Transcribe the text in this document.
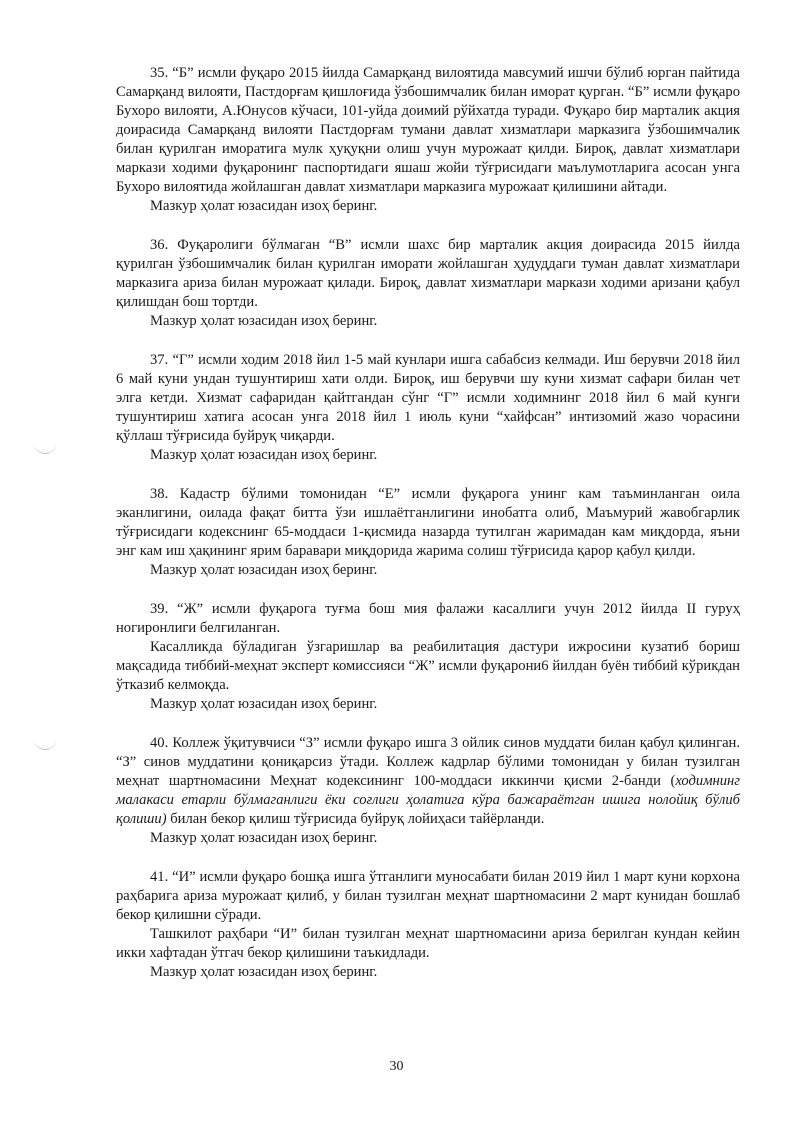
35. “Б” исмли фуқаро 2015 йилда Самарқанд вилоятида мавсумий ишчи бўлиб юрган пайтида Самарқанд вилояти, Пастдорғам қишлоғида ўзбошимчалик билан иморат қурган. “Б” исмли фуқаро Бухоро вилояти, А.Юнусов кўчаси, 101-уйда доимий рўйхатда туради. Фуқаро бир марталик акция доирасида Самарқанд вилояти Пастдорғам тумани давлат хизматлари марказига ўзбошимчалик билан қурилган иморатига мулк ҳуқуқни олиш учун мурожаат қилди. Бироқ, давлат хизматлари маркази ходими фуқаронинг паспортидаги яшаш жойи тўғрисидаги маълумотларига асосан унга Бухоро вилоятида жойлашган давлат хизматлари марказига мурожаат қилишини айтади.

Мазкур ҳолат юзасидан изоҳ беринг.

36. Фуқаролиги бўлмаган “В” исмли шахс бир марталик акция доирасида 2015 йилда қурилган ўзбошимчалик билан қурилган иморати жойлашган ҳудуддаги туман давлат хизматлари марказига ариза билан мурожаат қилади. Бироқ, давлат хизматлари маркази ходими аризани қабул қилишдан бош тортди.

Мазкур ҳолат юзасидан изоҳ беринг.

37. “Г” исмли ходим 2018 йил 1-5 май кунлари ишга сабабсиз келмади. Иш берувчи 2018 йил 6 май куни ундан тушунтириш хати олди. Бироқ, иш берувчи шу куни хизмат сафари билан чет элга кетди. Хизмат сафаридан қайтгандан сўнг “Г” исмли ходимнинг 2018 йил 6 май кунги тушунтириш хатига асосан унга 2018 йил 1 июль куни “хайфсан” интизомий жазо чорасини қўллаш тўғрисида буйруқ чиқарди.

Мазкур ҳолат юзасидан изоҳ беринг.

38. Кадастр бўлими томонидан “Е” исмли фуқарога унинг кам таъминланган оила эканлигини, оилада фақат битта ўзи ишлаётганлигини инобатга олиб, Маъмурий жавобгарлик тўғрисидаги кодекснинг 65-моддаси 1-қисмида назарда тутилган жаримадан кам миқдорда, яъни энг кам иш ҳақининг ярим баравари миқдорида жарима солиш тўғрисида қарор қабул қилди.

Мазкур ҳолат юзасидан изоҳ беринг.

39. “Ж” исмли фуқарога туғма бош мия фалажи касаллиги учун 2012 йилда II гуруҳ ногиронлиги белгиланган.

Касалликда бўладиган ўзгаришлар ва реабилитация дастури ижросини кузатиб бориш мақсадида тиббий-меҳнат эксперт комиссияси “Ж” исмли фуқарони6 йилдан буён тиббий кўрикдан ўтказиб келмоқда.

Мазкур ҳолат юзасидан изоҳ беринг.

40. Коллеж ўқитувчиси “З” исмли фуқаро ишга 3 ойлик синов муддати билан қабул қилинган. “З” синов муддатини қониқарсиз ўтади. Коллеж кадрлар бўлими томонидан у билан тузилган меҳнат шартномасини Меҳнат кодексининг 100-моддаси иккинчи қисми 2-банди (ходимнинг малакаси етарли бўлмаганлиги ёки соғлиги ҳолатига кўра бажараётган ишига нолойиқ бўлиб қолиши) билан бекор қилиш тўғрисида буйруқ лойиҳаси тайёрланди.

Мазкур ҳолат юзасидан изоҳ беринг.

41. “И” исмли фуқаро бошқа ишга ўтганлиги муносабати билан 2019 йил 1 март куни корхона раҳбарига ариза мурожаат қилиб, у билан тузилган меҳнат шартномасини 2 март кунидан бошлаб бекор қилишни сўради.

Ташкилот раҳбари “И” билан тузилган меҳнат шартномасини ариза берилган кундан кейин икки хафтадан ўтгач бекор қилишини таъкидлади.

Мазкур ҳолат юзасидан изоҳ беринг.

30
